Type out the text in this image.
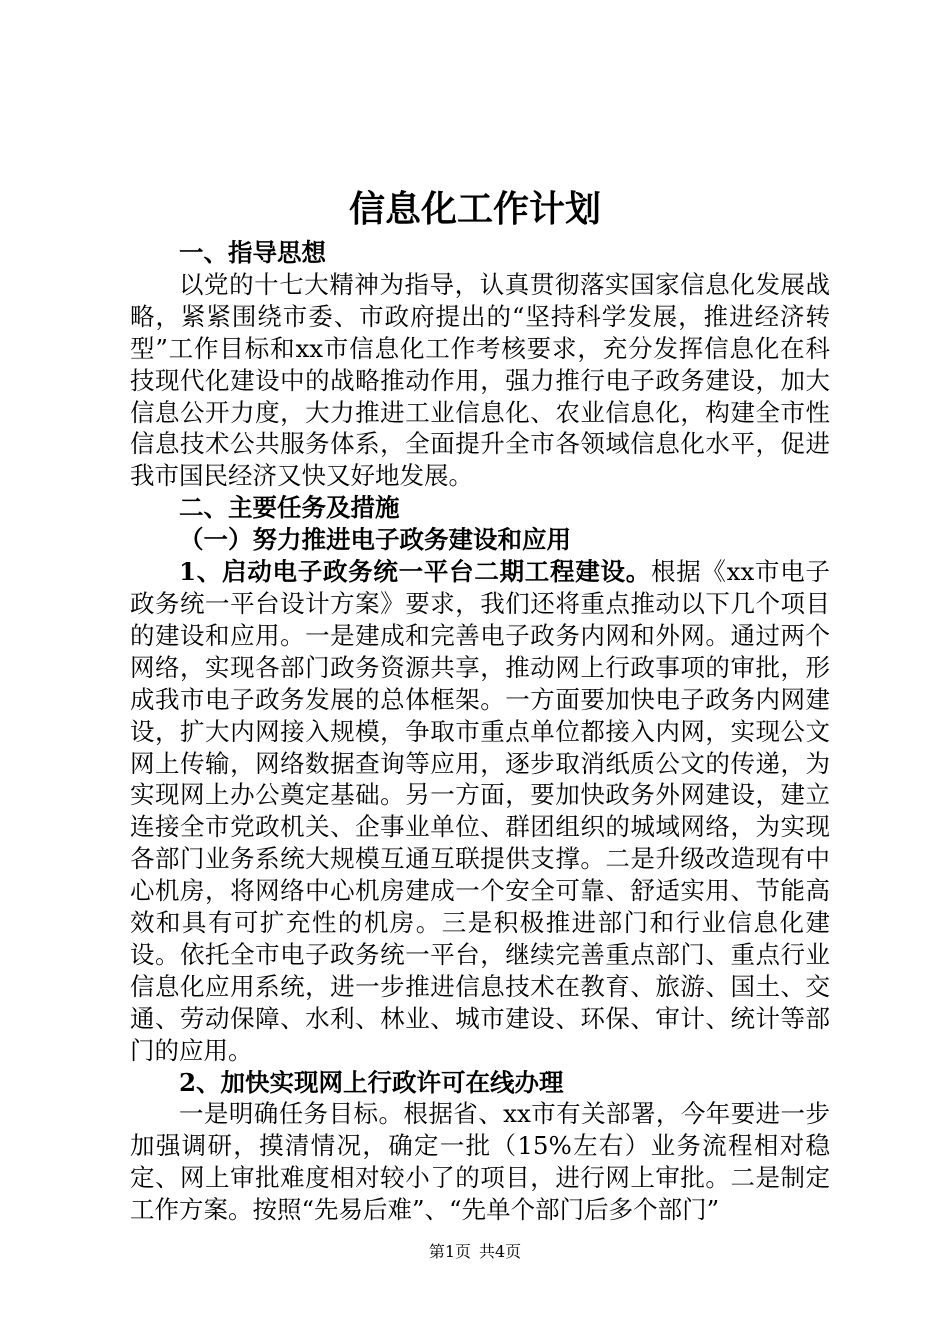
信息化工作计划

一、指导思想

以党的十七大精神为指导，认真贯彻落实国家信息化发展战略，紧紧围绕市委、市政府提出的“坚持科学发展，推进经济转型”工作目标和xx市信息化工作考核要求，充分发挥信息化在科技现代化建设中的战略推动作用，强力推行电子政务建设，加大信息公开力度，大力推进工业信息化、农业信息化，构建全市性信息技术公共服务体系，全面提升全市各领域信息化水平，促进我市国民经济又快又好地发展。

二、主要任务及措施

（一）努力推进电子政务建设和应用

1、启动电子政务统一平台二期工程建设。根据《xx市电子政务统一平台设计方案》要求，我们还将重点推动以下几个项目的建设和应用。一是建成和完善电子政务内网和外网。通过两个网络，实现各部门政务资源共享，推动网上行政事项的审批，形成我市电子政务发展的总体框架。一方面要加快电子政务内网建设，扩大内网接入规模，争取市重点单位都接入内网，实现公文网上传输，网络数据查询等应用，逐步取消纸质公文的传递，为实现网上办公奠定基础。另一方面，要加快政务外网建设，建立连接全市党政机关、企事业单位、群团组织的城域网络，为实现各部门业务系统大规模互通互联提供支撑。二是升级改造现有中心机房，将网络中心机房建成一个安全可靠、舒适实用、节能高效和具有可扩充性的机房。三是积极推进部门和行业信息化建设。依托全市电子政务统一平台，继续完善重点部门、重点行业信息化应用系统，进一步推进信息技术在教育、旅游、国土、交通、劳动保障、水利、林业、城市建设、环保、审计、统计等部门的应用。

2、加快实现网上行政许可在线办理

一是明确任务目标。根据省、xx市有关部署，今年要进一步加强调研，摸清情况，确定一批（15%左右）业务流程相对稳定、网上审批难度相对较小了的项目，进行网上审批。二是制定工作方案。按照“先易后难”、“先单个部门后多个部门”

第1页 共4页
